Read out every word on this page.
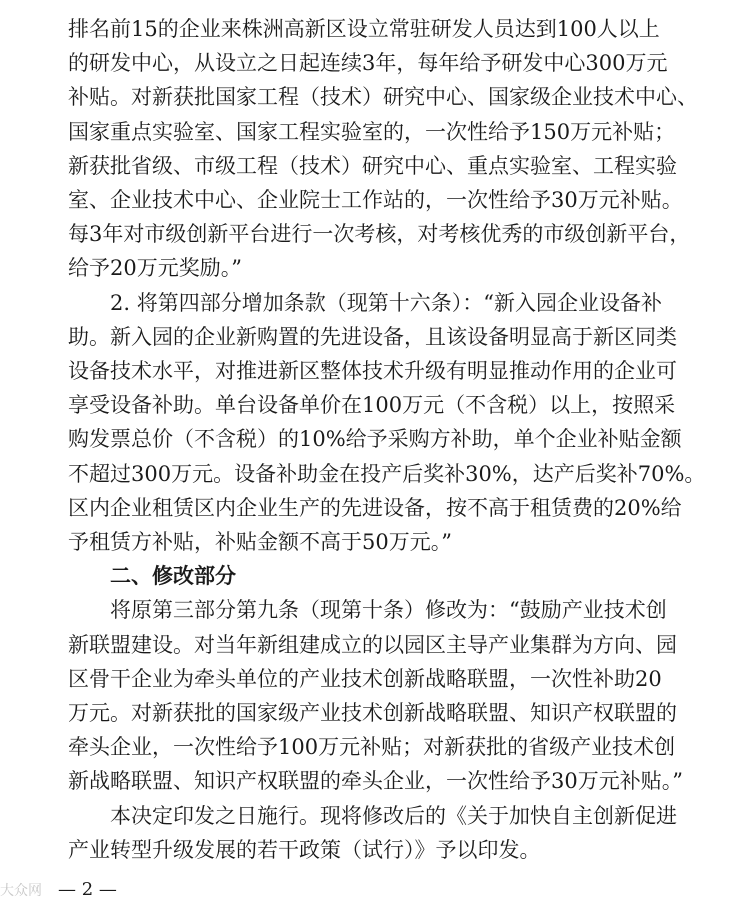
排名前15的企业来株洲高新区设立常驻研发人员达到100人以上
的研发中心，从设立之日起连续3年，每年给予研发中心300万元
补贴。对新获批国家工程（技术）研究中心、国家级企业技术中心、
国家重点实验室、国家工程实验室的，一次性给予150万元补贴；
新获批省级、市级工程（技术）研究中心、重点实验室、工程实验
室、企业技术中心、企业院士工作站的，一次性给予30万元补贴。
每3年对市级创新平台进行一次考核，对考核优秀的市级创新平台，
给予20万元奖励。”
2. 将第四部分增加条款（现第十六条）：“新入园企业设备补
助。新入园的企业新购置的先进设备，且该设备明显高于新区同类
设备技术水平，对推进新区整体技术升级有明显推动作用的企业可
享受设备补助。单台设备单价在100万元（不含税）以上，按照采
购发票总价（不含税）的10%给予采购方补助，单个企业补贴金额
不超过300万元。设备补助金在投产后奖补30%，达产后奖补70%。
区内企业租赁区内企业生产的先进设备，按不高于租赁费的20%给
予租赁方补贴，补贴金额不高于50万元。”
二、修改部分
将原第三部分第九条（现第十条）修改为：“鼓励产业技术创
新联盟建设。对当年新组建成立的以园区主导产业集群为方向、园
区骨干企业为牵头单位的产业技术创新战略联盟，一次性补助20
万元。对新获批的国家级产业技术创新战略联盟、知识产权联盟的
牵头企业，一次性给予100万元补贴；对新获批的省级产业技术创
新战略联盟、知识产权联盟的牵头企业，一次性给予30万元补贴。”
本决定印发之日施行。现将修改后的《关于加快自主创新促进
产业转型升级发展的若干政策（试行）》予以印发。
大众网 — 2 —
